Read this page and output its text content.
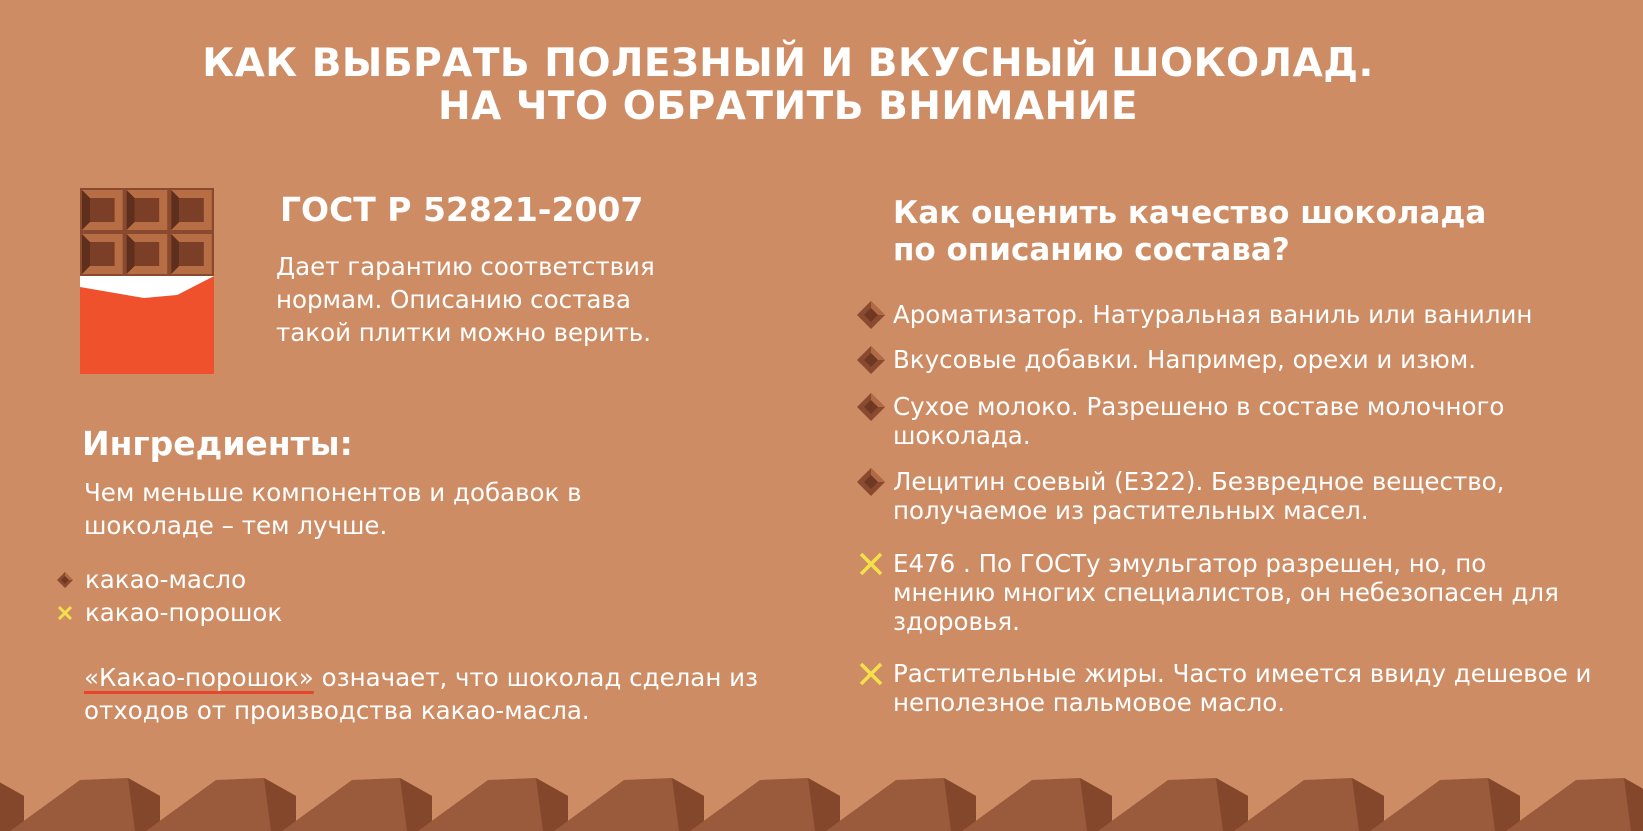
КАК ВЫБРАТЬ ПОЛЕЗНЫЙ И ВКУСНЫЙ ШОКОЛАД.
НА ЧТО ОБРАТИТЬ ВНИМАНИЕ
ГОСТ Р 52821-2007
Дает гарантию соответствия нормам. Описанию состава такой плитки можно верить.
Ингредиенты:
Чем меньше компонентов и добавок в шоколаде – тем лучше.
какао-масло
какао-порошок
«Какао-порошок» означает, что шоколад сделан из отходов от производства какао-масла.
Как оценить качество шоколада
по описанию состава?
Ароматизатор. Натуральная ваниль или ванилин
Вкусовые добавки. Например, орехи и изюм.
Сухое молоко. Разрешено в составе молочного шоколада.
Лецитин соевый (Е322). Безвредное вещество, получаемое из растительных масел.
Е476 . По ГОСТу эмульгатор разрешен, но, по мнению многих специалистов, он небезопасен для здоровья.
Растительные жиры. Часто имеется ввиду дешевое и неполезное пальмовое масло.
